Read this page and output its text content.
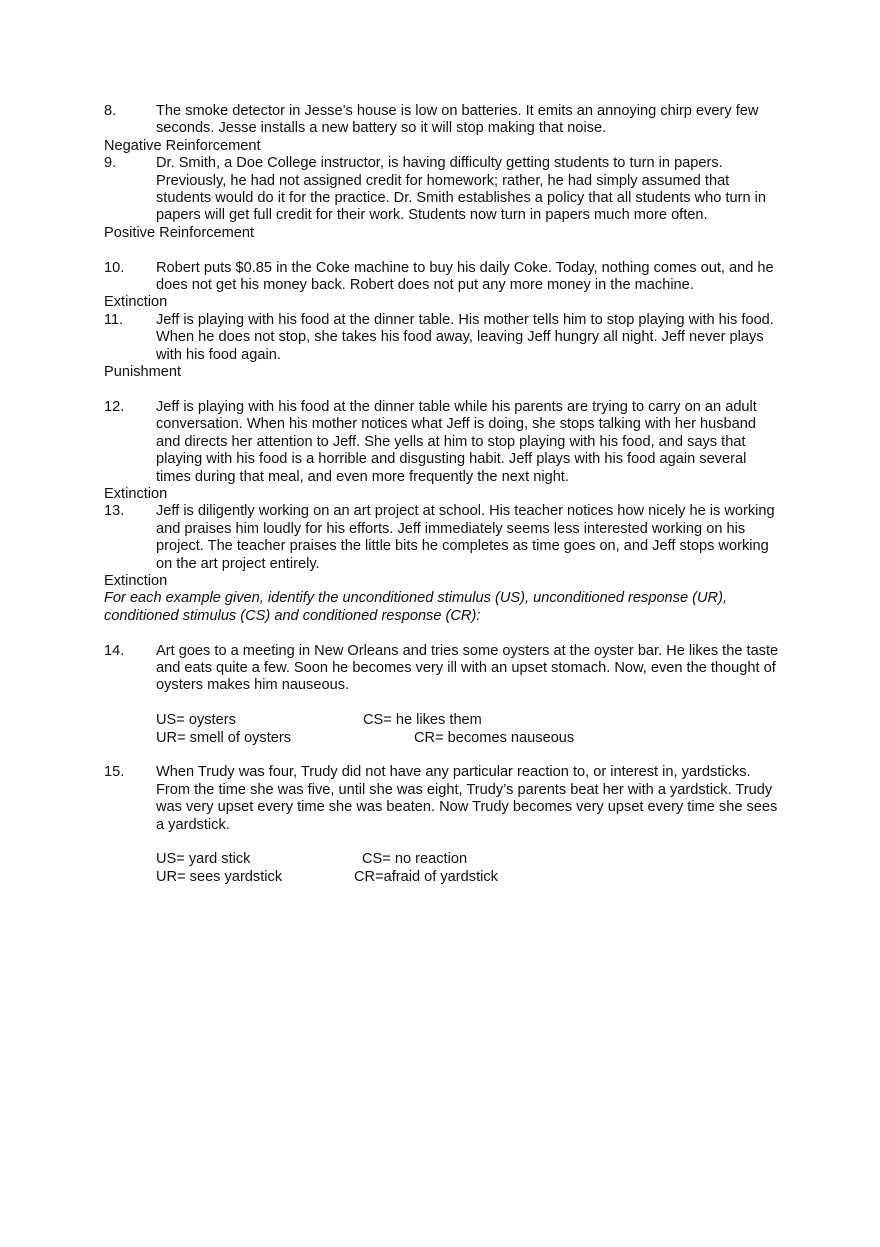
8.	The smoke detector in Jesse’s house is low on batteries. It emits an annoying chirp every few seconds. Jesse installs a new battery so it will stop making that noise.
Negative Reinforcement
9.	Dr. Smith, a Doe College instructor, is having difficulty getting students to turn in papers. Previously, he had not assigned credit for homework; rather, he had simply assumed that students would do it for the practice. Dr. Smith establishes a policy that all students who turn in papers will get full credit for their work. Students now turn in papers much more often.
Positive Reinforcement
10.	Robert puts $0.85 in the Coke machine to buy his daily Coke. Today, nothing comes out, and he does not get his money back. Robert does not put any more money in the machine.
Extinction
11.	Jeff is playing with his food at the dinner table. His mother tells him to stop playing with his food. When he does not stop, she takes his food away, leaving Jeff hungry all night. Jeff never plays with his food again.
Punishment
12.	Jeff is playing with his food at the dinner table while his parents are trying to carry on an adult conversation. When his mother notices what Jeff is doing, she stops talking with her husband and directs her attention to Jeff. She yells at him to stop playing with his food, and says that playing with his food is a horrible and disgusting habit. Jeff plays with his food again several times during that meal, and even more frequently the next night.
Extinction
13.	Jeff is diligently working on an art project at school. His teacher notices how nicely he is working and praises him loudly for his efforts. Jeff immediately seems less interested working on his project. The teacher praises the little bits he completes as time goes on, and Jeff stops working on the art project entirely.
Extinction
For each example given, identify the unconditioned stimulus (US), unconditioned response (UR), conditioned stimulus (CS) and conditioned response (CR):
14.	Art goes to a meeting in New Orleans and tries some oysters at the oyster bar. He likes the taste and eats quite a few. Soon he becomes very ill with an upset stomach. Now, even the thought of oysters makes him nauseous.
US= oysters	CS= he likes them
UR= smell of oysters	CR= becomes nauseous
15.	When Trudy was four, Trudy did not have any particular reaction to, or interest in, yardsticks. From the time she was five, until she was eight, Trudy’s parents beat her with a yardstick. Trudy was very upset every time she was beaten. Now Trudy becomes very upset every time she sees a yardstick.
US= yard stick	CS= no reaction
UR= sees yardstick	CR=afraid of yardstick
